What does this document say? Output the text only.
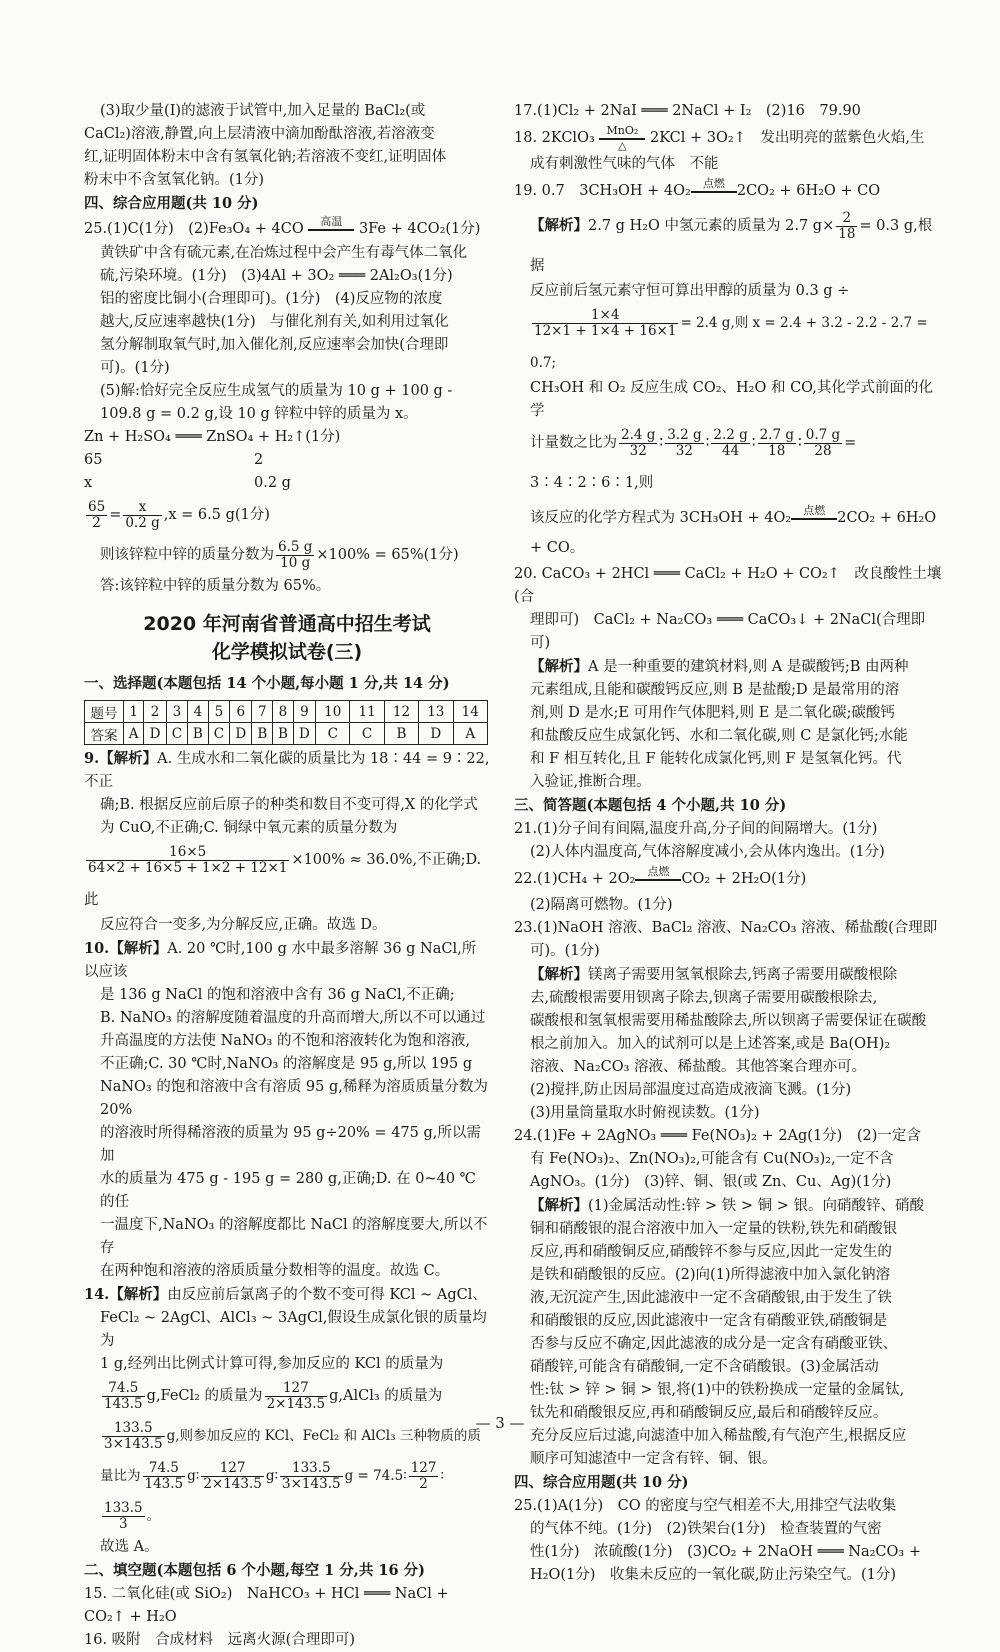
(3)取少量(Ⅰ)的滤液于试管中,加入足量的 BaCl₂(或

CaCl₂)溶液,静置,向上层清液中滴加酚酞溶液,若溶液变

红,证明固体粉末中含有氢氧化钠;若溶液不变红,证明固体

粉末中不含氢氧化钠。(1分)

四、综合应用题(共 10 分)

25.(1)C(1分)　(2)Fe₃O₄ + 4CO	高温	3Fe + 4CO₂(1分)

黄铁矿中含有硫元素,在冶炼过程中会产生有毒气体二氧化

硫,污染环境。(1分)　(3)4Al + 3O₂ ═══ 2Al₂O₃(1分)

铝的密度比铜小(合理即可)。(1分)　(4)反应物的浓度

越大,反应速率越快(1分)　与催化剂有关,如利用过氧化

氢分解制取氧气时,加入催化剂,反应速率会加快(合理即

可)。(1分)

(5)解:恰好完全反应生成氢气的质量为 10 g + 100 g -

109.8 g = 0.2 g,设 10 g 锌粒中锌的质量为 x。

Zn + H₂SO₄ ═══ ZnSO₄ + H₂↑(1分)

65	2
x	0.2 g

$\frac{65}{2} = \frac{x}{0.2 g} ,x = 6.5$ g(1分)

则该锌粒中锌的质量分数为 $\frac{6.5 g}{10 g} \times 100\% = 65\%(1$分)

答:该锌粒中锌的质量分数为 65%。

2020 年河南省普通高中招生考试
化学模拟试卷(三)

一、选择题(本题包括 14 个小题,每小题 1 分,共 14 分)

题号	1	2	3	4	5	6	7	8	9	10	11	12	13	14
答案	A	D	C	B	C	D	B	B	D	C	C	B	D	A

9.【解析】A. 生成水和二氧化碳的质量比为 18∶44 = 9∶22,不正

确;B. 根据反应前后原子的种类和数目不变可得,X 的化学式

为 CuO,不正确;C. 铜绿中氧元素的质量分数为

$\frac{16\times 5}{64\times 2 + 16\times 5 + 1\times 2 + 12\times 1} \times 100\% \approx 36.0\%$,不正确;D. 此

反应符合一变多,为分解反应,正确。故选 D。

10.【解析】A. 20 ℃时,100 g 水中最多溶解 36 g NaCl,所以应该

是 136 g NaCl 的饱和溶液中含有 36 g NaCl,不正确;

B. NaNO₃ 的溶解度随着温度的升高而增大,所以不可以通过

升高温度的方法使 NaNO₃ 的不饱和溶液转化为饱和溶液,

不正确;C. 30 ℃时,NaNO₃ 的溶解度是 95 g,所以 195 g

NaNO₃ 的饱和溶液中含有溶质 95 g,稀释为溶质质量分数为 20%

的溶液时所得稀溶液的质量为 95 g÷20% = 475 g,所以需加

水的质量为 475 g - 195 g = 280 g,正确;D. 在 0~40 ℃的任

一温度下,NaNO₃ 的溶解度都比 NaCl 的溶解度要大,所以不存

在两种饱和溶液的溶质质量分数相等的温度。故选 C。

14.【解析】由反应前后氯离子的个数不变可得 KCl ~ AgCl、

FeCl₂ ~ 2AgCl、AlCl₃ ~ 3AgCl,假设生成氯化银的质量均为

1 g,经列出比例式计算可得,参加反应的 KCl 的质量为

$\frac{74.5}{143.5}$ g,FeCl₂ 的质量为 $\frac{127}{2\times 143.5}$ g,AlCl₃ 的质量为

$\frac{133.5}{3\times 143.5} g$,则参加反应的 KCl、FeCl₂ 和 AlCl₃ 三种物质的质

量比为 $\frac{74.5}{143.5}$ g∶ $\frac{127}{2\times 143.5}$ g∶ $\frac{133.5}{3\times 143.5}$ g = 74.5∶ $\frac{127}{2}$ ∶
$\frac{133.5}{3}$ 。

故选 A。

二、填空题(本题包括 6 个小题,每空 1 分,共 16 分)

15. 二氧化硅(或 SiO₂)　NaHCO₃ + HCl ═══ NaCl + CO₂↑ + H₂O

16. 吸附　合成材料　远离火源(合理即可)

17.(1)Cl₂ + 2NaI ═══ 2NaCl + I₂　(2)16　79.90

18. 2KClO₃	MnO₂
△	2KCl + 3O₂↑　发出明亮的蓝紫色火焰,生

成有刺激性气味的气体　不能

19. 0.7　3CH₃OH + 4O₂	点燃 2CO₂ + 6H₂O + CO

【解析】2.7 g H₂O 中氢元素的质量为 2.7 $g\times \frac{2}{18} = 0.3$ g,根据

反应前后氢元素守恒可算出甲醇的质量为 0.3 g ÷

$\frac{1\times 4}{12\times 1 + 1\times 4 + 16\times 1} = 2.4$ g,则 x = 2.4 + 3.2 - 2.2 - 2.7 = 0.7;

CH₃OH 和 O₂ 反应生成 CO₂、H₂O 和 CO,其化学式前面的化学

计量数之比为 $\frac{2.4 g}{32}$ ∶ $\frac{3.2 g}{32}$ ∶ $\frac{2.2 g}{44}$ ∶ $\frac{2.7 g}{18}$ ∶ $\frac{0.7 g}{28}$ = 3∶4∶2∶6∶1,则

该反应的化学方程式为 3CH₃OH + 4O₂	点燃 2CO₂ + 6H₂O + CO。

20. CaCO₃ + 2HCl ═══ CaCl₂ + H₂O + CO₂↑　改良酸性土壤(合

理即可)　CaCl₂ + Na₂CO₃ ═══ CaCO₃↓ + 2NaCl(合理即可)

【解析】A 是一种重要的建筑材料,则 A 是碳酸钙;B 由两种

元素组成,且能和碳酸钙反应,则 B 是盐酸;D 是最常用的溶

剂,则 D 是水;E 可用作气体肥料,则 E 是二氧化碳;碳酸钙

和盐酸反应生成氯化钙、水和二氧化碳,则 C 是氯化钙;水能

和 F 相互转化,且 F 能转化成氯化钙,则 F 是氢氧化钙。代

入验证,推断合理。

三、简答题(本题包括 4 个小题,共 10 分)

21.(1)分子间有间隔,温度升高,分子间的间隔增大。(1分)

(2)人体内温度高,气体溶解度减小,会从体内逸出。(1分)

22.(1)CH₄ + 2O₂	点燃 CO₂ + 2H₂O(1分)

(2)隔离可燃物。(1分)

23.(1)NaOH 溶液、BaCl₂ 溶液、Na₂CO₃ 溶液、稀盐酸(合理即

可)。(1分)

【解析】镁离子需要用氢氧根除去,钙离子需要用碳酸根除

去,硫酸根需要用钡离子除去,钡离子需要用碳酸根除去,

碳酸根和氢氧根需要用稀盐酸除去,所以钡离子需要保证在碳酸

根之前加入。加入的试剂可以是上述答案,或是 Ba(OH)₂

溶液、Na₂CO₃ 溶液、稀盐酸。其他答案合理亦可。

(2)搅拌,防止因局部温度过高造成液滴飞溅。(1分)

(3)用量筒量取水时俯视读数。(1分)

24.(1)Fe + 2AgNO₃ ═══ Fe(NO₃)₂ + 2Ag(1分)　(2)一定含

有 Fe(NO₃)₂、Zn(NO₃)₂,可能含有 Cu(NO₃)₂,一定不含

AgNO₃。(1分)　(3)锌、铜、银(或 Zn、Cu、Ag)(1分)

【解析】(1)金属活动性:锌 > 铁 > 铜 > 银。向硝酸锌、硝酸

铜和硝酸银的混合溶液中加入一定量的铁粉,铁先和硝酸银

反应,再和硝酸铜反应,硝酸锌不参与反应,因此一定发生的

是铁和硝酸银的反应。(2)向(1)所得滤液中加入氯化钠溶

液,无沉淀产生,因此滤液中一定不含硝酸银,由于发生了铁

和硝酸银的反应,因此滤液中一定含有硝酸亚铁,硝酸铜是

否参与反应不确定,因此滤液的成分是一定含有硝酸亚铁、

硝酸锌,可能含有硝酸铜,一定不含硝酸银。(3)金属活动

性:钛 > 锌 > 铜 > 银,将(1)中的铁粉换成一定量的金属钛,

钛先和硝酸银反应,再和硝酸铜反应,最后和硝酸锌反应。

充分反应后过滤,向滤渣中加入稀盐酸,有气泡产生,根据反应

顺序可知滤渣中一定含有锌、铜、银。

四、综合应用题(共 10 分)

25.(1)A(1分)　CO 的密度与空气相差不大,用排空气法收集

的气体不纯。(1分)　(2)铁架台(1分)　检查装置的气密

性(1分)　浓硫酸(1分)　(3)CO₂ + 2NaOH ═══ Na₂CO₃ +

H₂O(1分)　收集未反应的一氧化碳,防止污染空气。(1分)

— 3 —
